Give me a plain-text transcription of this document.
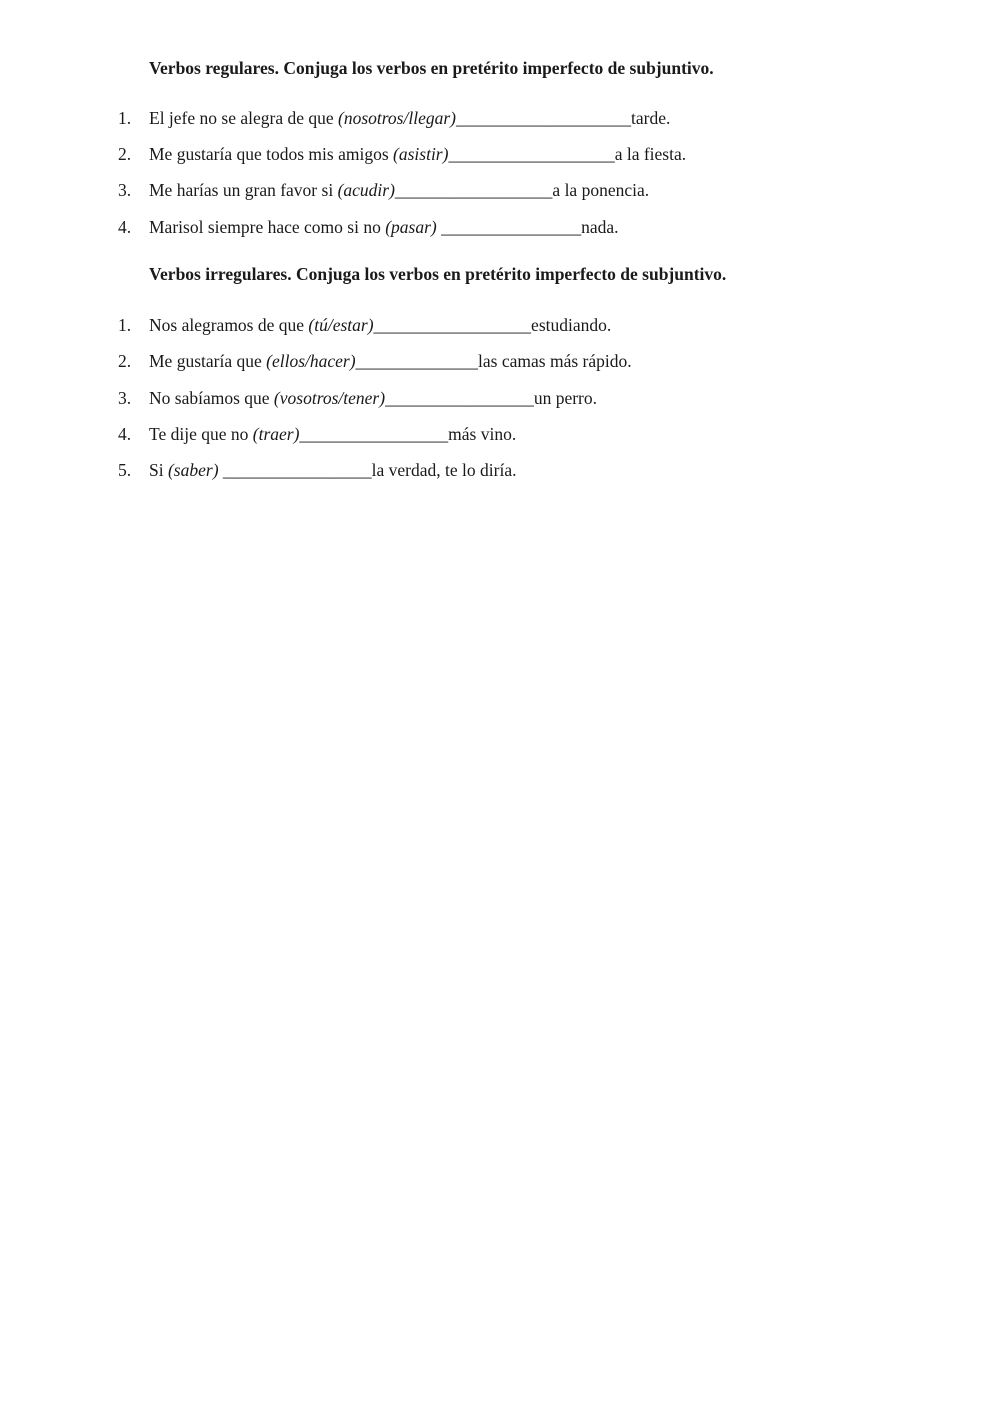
Verbos regulares. Conjuga los verbos en pretérito imperfecto de subjuntivo.
1. El jefe no se alegra de que (nosotros/llegar)____________________tarde.
2. Me gustaría que todos mis amigos (asistir)___________________a la fiesta.
3. Me harías un gran favor si (acudir)__________________a la ponencia.
4. Marisol siempre hace como si no (pasar) ________________nada.
Verbos irregulares. Conjuga los verbos en pretérito imperfecto de subjuntivo.
1. Nos alegramos de que (tú/estar)__________________estudiando.
2. Me gustaría que (ellos/hacer)______________las camas más rápido.
3. No sabíamos que (vosotros/tener)_________________un perro.
4. Te dije que no (traer)_________________más vino.
5. Si (saber) _________________la verdad, te lo diría.
